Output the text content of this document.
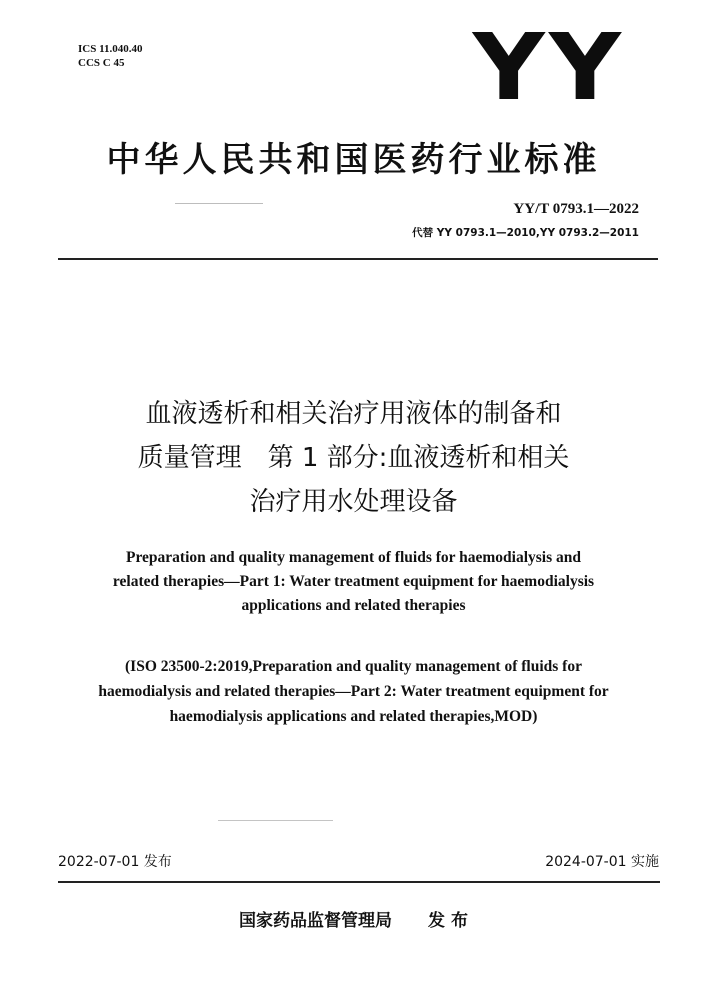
ICS 11.040.40
CCS C 45	YY
中华人民共和国医药行业标准
YY/T 0793.1—2022
代替 YY 0793.1—2010,YY 0793.2—2011
血液透析和相关治疗用液体的制备和
质量管理　第 1 部分:血液透析和相关
治疗用水处理设备
Preparation and quality management of fluids for haemodialysis and
related therapies—Part 1: Water treatment equipment for haemodialysis
applications and related therapies
(ISO 23500-2:2019,Preparation and quality management of fluids for
haemodialysis and related therapies—Part 2: Water treatment equipment for
haemodialysis applications and related therapies,MOD)
2022-07-01 发布	2024-07-01 实施
国家药品监督管理局 发 布
